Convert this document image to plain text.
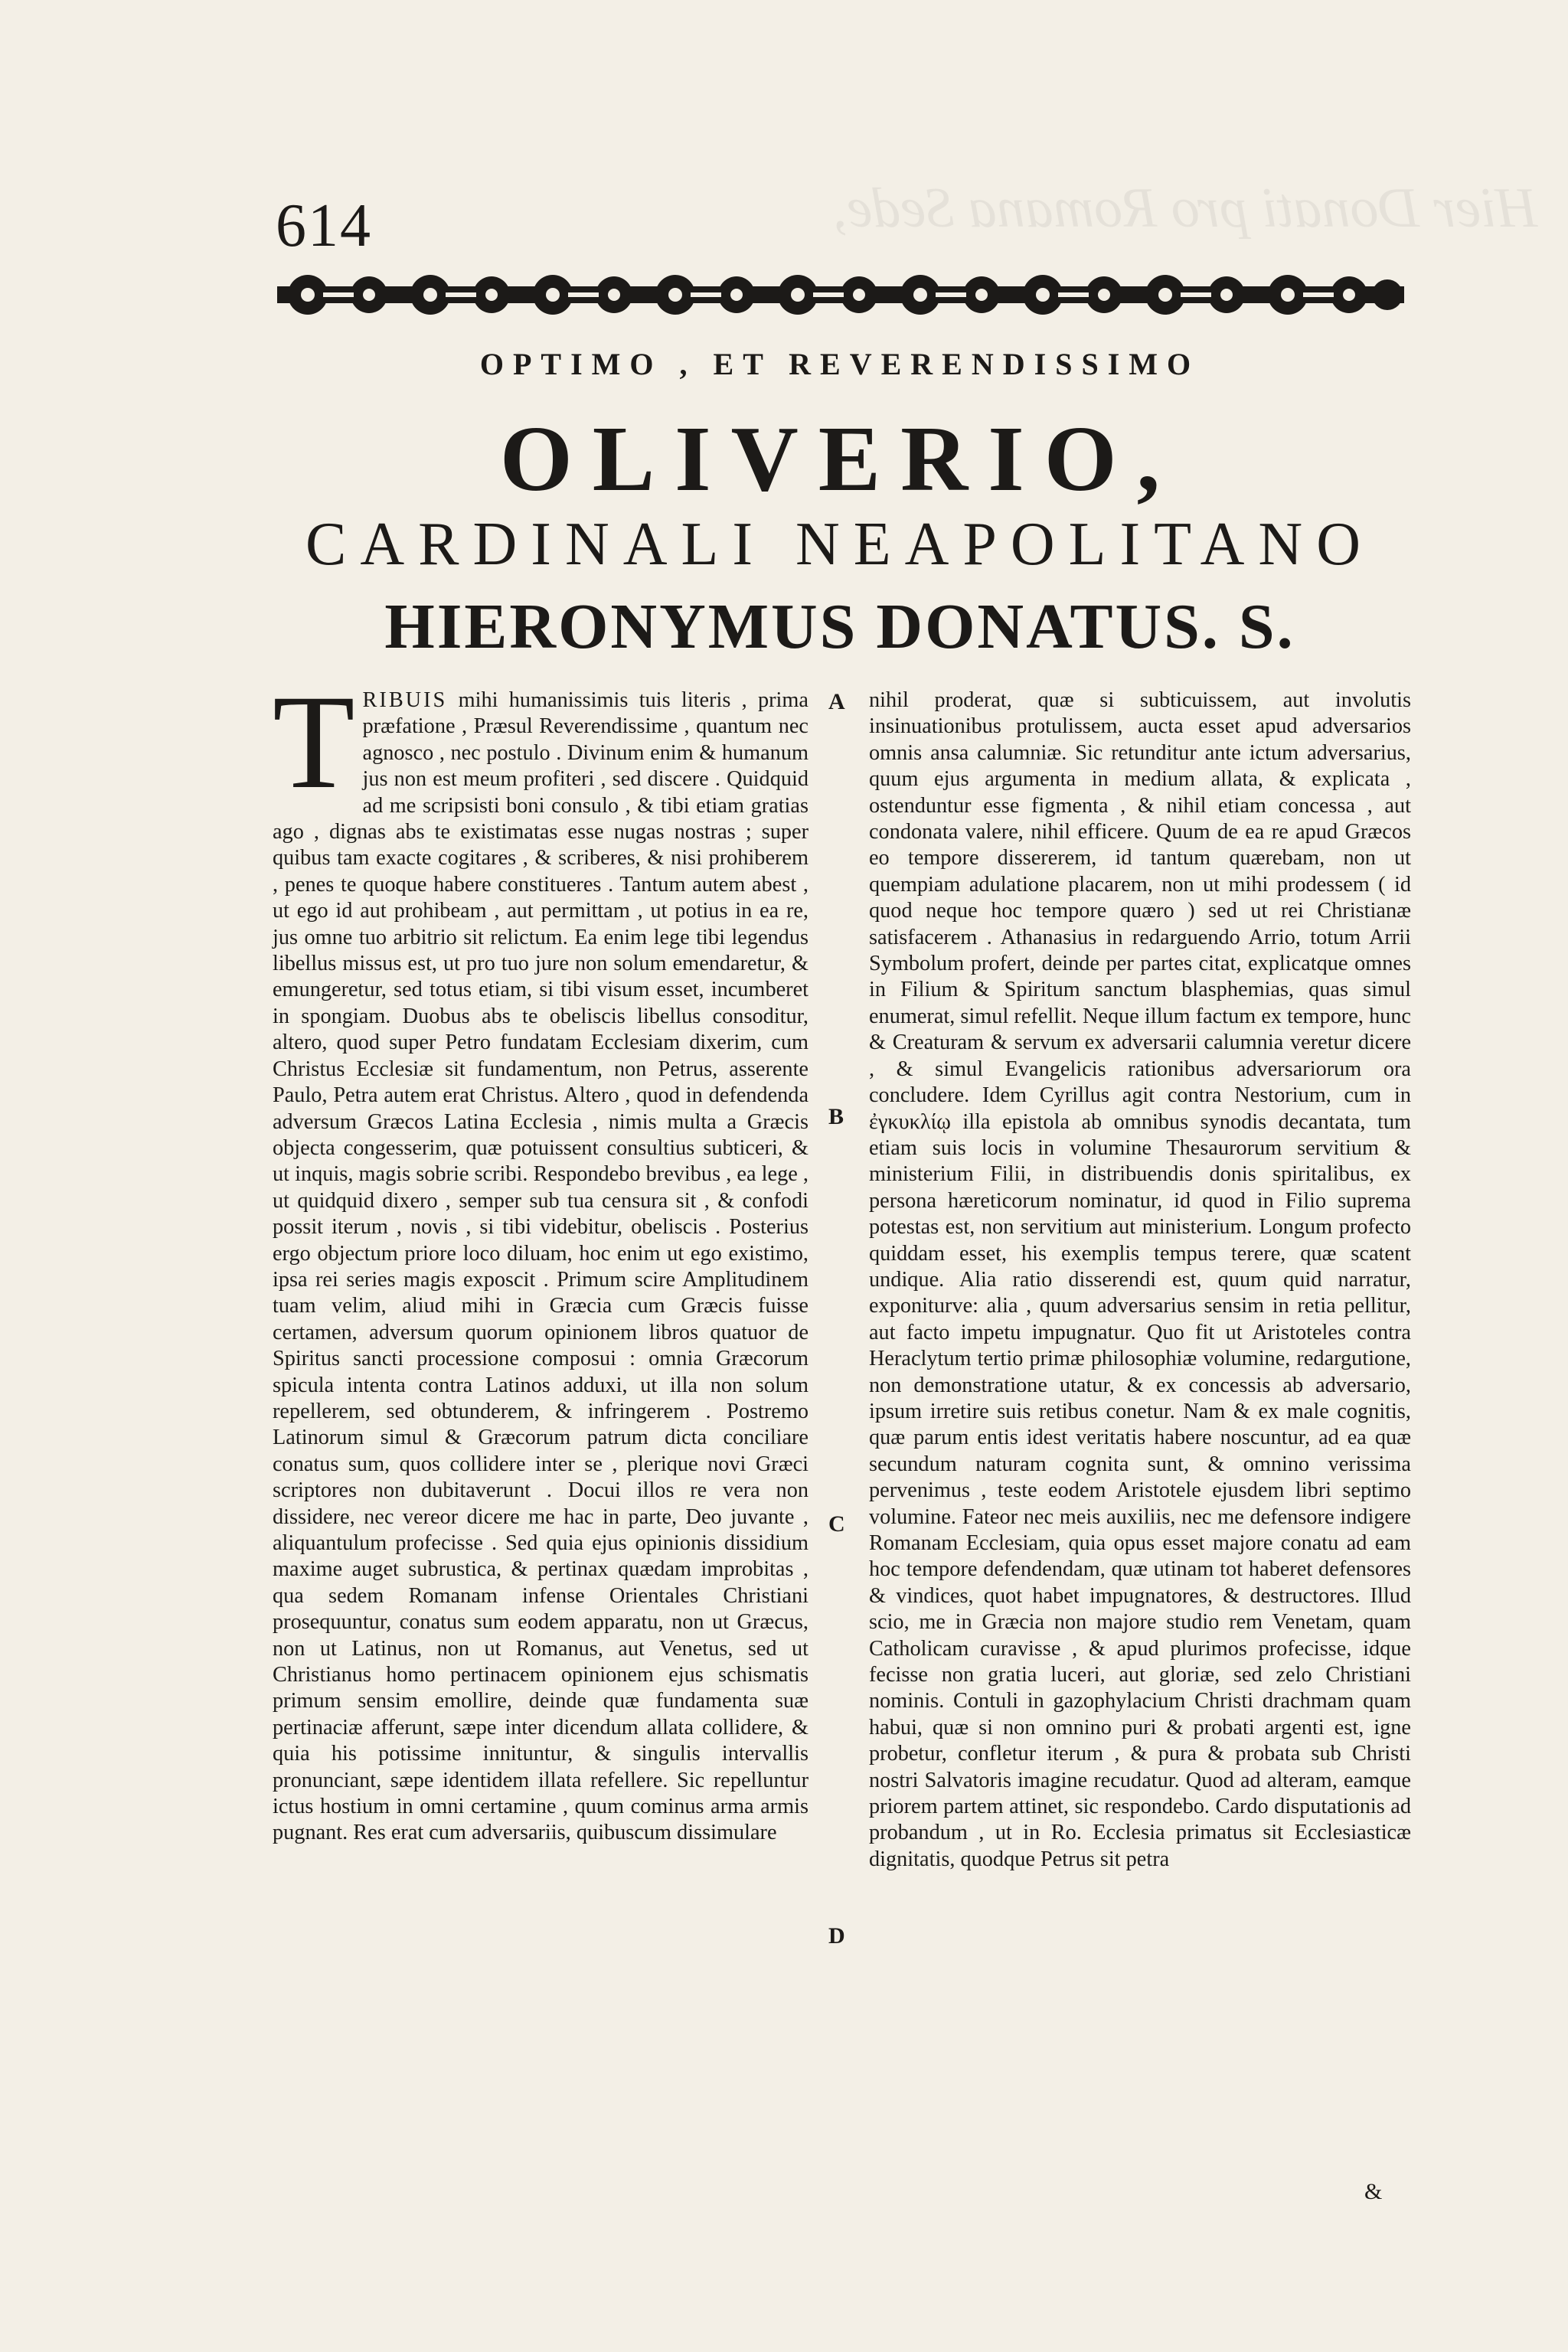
Hier Donati pro Romana Sede,
614
OPTIMO , ET REVERENDISSIMO
OLIVERIO,
CARDINALI NEAPOLITANO
HIERONYMUS DONATUS. S.
T RIBUIS mihi humanissimis tuis literis , prima præfatione , Præsul Reverendissime , quantum nec agnosco , nec postulo . Divinum enim & humanum jus non est meum profiteri , sed discere . Quidquid ad me scripsisti boni consulo , & tibi etiam gratias ago , dignas abs te existimatas esse nugas nostras ; super quibus tam exacte cogitares , & scriberes, & nisi prohiberem , penes te quoque habere constitueres . Tantum autem abest , ut ego id aut prohibeam , aut permittam , ut potius in ea re, jus omne tuo arbitrio sit relictum. Ea enim lege tibi legendus libellus missus est, ut pro tuo jure non solum emendaretur, & emungeretur, sed totus etiam, si tibi visum esset, incumberet in spongiam. Duobus abs te obeliscis libellus consoditur, altero, quod super Petro fundatam Ecclesiam dixerim, cum Christus Ecclesiæ sit fundamentum, non Petrus, asserente Paulo, Petra autem erat Christus. Altero , quod in defendenda adversum Græcos Latina Ecclesia , nimis multa a Græcis objecta congesserim, quæ potuissent consultius subticeri, & ut inquis, magis sobrie scribi. Respondebo brevibus , ea lege , ut quidquid dixero , semper sub tua censura sit , & confodi possit iterum , novis , si tibi videbitur, obeliscis . Posterius ergo objectum priore loco diluam, hoc enim ut ego existimo, ipsa rei series magis exposcit . Primum scire Amplitudinem tuam velim, aliud mihi in Græcia cum Græcis fuisse certamen, adversum quorum opinionem libros quatuor de Spiritus sancti processione composui : omnia Græcorum spicula intenta contra Latinos adduxi, ut illa non solum repellerem, sed obtunderem, & infringerem . Postremo Latinorum simul & Græcorum patrum dicta conciliare conatus sum, quos collidere inter se , plerique novi Græci scriptores non dubitaverunt . Docui illos re vera non dissidere, nec vereor dicere me hac in parte, Deo juvante , aliquantulum profecisse . Sed quia ejus opinionis dissidium maxime auget subrustica, & pertinax quædam improbitas , qua sedem Romanam infense Orientales Christiani prosequuntur, conatus sum eodem apparatu, non ut Græcus, non ut Latinus, non ut Romanus, aut Venetus, sed ut Christianus homo pertinacem opinionem ejus schismatis primum sensim emollire, deinde quæ fundamenta suæ pertinaciæ afferunt, sæpe inter dicendum allata collidere, & quia his potissime innituntur, & singulis intervallis pronunciant, sæpe identidem illata refellere. Sic repelluntur ictus hostium in omni certamine , quum cominus arma armis pugnant. Res erat cum adversariis, quibuscum dissimulare

nihil proderat, quæ si subticuissem, aut involutis insinuationibus protulissem, aucta esset apud adversarios omnis ansa calumniæ. Sic retunditur ante ictum adversarius, quum ejus argumenta in medium allata, & explicata , ostenduntur esse figmenta , & nihil etiam concessa , aut condonata valere, nihil efficere. Quum de ea re apud Græcos eo tempore dissererem, id tantum quærebam, non ut quempiam adulatione placarem, non ut mihi prodessem ( id quod neque hoc tempore quæro ) sed ut rei Christianæ satisfacerem . Athanasius in redarguendo Arrio, totum Arrii Symbolum profert, deinde per partes citat, explicatque omnes in Filium & Spiritum sanctum blasphemias, quas simul enumerat, simul refellit. Neque illum factum ex tempore, hunc & Creaturam & servum ex adversarii calumnia veretur dicere , & simul Evangelicis rationibus adversariorum ora concludere. Idem Cyrillus agit contra Nestorium, cum in ἐγκυκλίῳ illa epistola ab omnibus synodis decantata, tum etiam suis locis in volumine Thesaurorum servitium & ministerium Filii, in distribuendis donis spiritalibus, ex persona hæreticorum nominatur, id quod in Filio suprema potestas est, non servitium aut ministerium. Longum profecto quiddam esset, his exemplis tempus terere, quæ scatent undique. Alia ratio disserendi est, quum quid narratur, exponiturve: alia , quum adversarius sensim in retia pellitur, aut facto impetu impugnatur. Quo fit ut Aristoteles contra Heraclytum tertio primæ philosophiæ volumine, redargutione, non demonstratione utatur, & ex concessis ab adversario, ipsum irretire suis retibus conetur. Nam & ex male cognitis, quæ parum entis idest veritatis habere noscuntur, ad ea quæ secundum naturam cognita sunt, & omnino verissima pervenimus , teste eodem Aristotele ejusdem libri septimo volumine. Fateor nec meis auxiliis, nec me defensore indigere Romanam Ecclesiam, quia opus esset majore conatu ad eam hoc tempore defendendam, quæ utinam tot haberet defensores & vindices, quot habet impugnatores, & destructores. Illud scio, me in Græcia non majore studio rem Venetam, quam Catholicam curavisse , & apud plurimos profecisse, idque fecisse non gratia luceri, aut gloriæ, sed zelo Christiani nominis. Contuli in gazophylacium Christi drachmam quam habui, quæ si non omnino puri & probati argenti est, igne probetur, confletur iterum , & pura & probata sub Christi nostri Salvatoris imagine recudatur. Quod ad alteram, eamque priorem partem attinet, sic respondebo. Cardo disputationis ad probandum , ut in Ro. Ecclesia primatus sit Ecclesiasticæ dignitatis, quodque Petrus sit petra

A
B
C
D
&
